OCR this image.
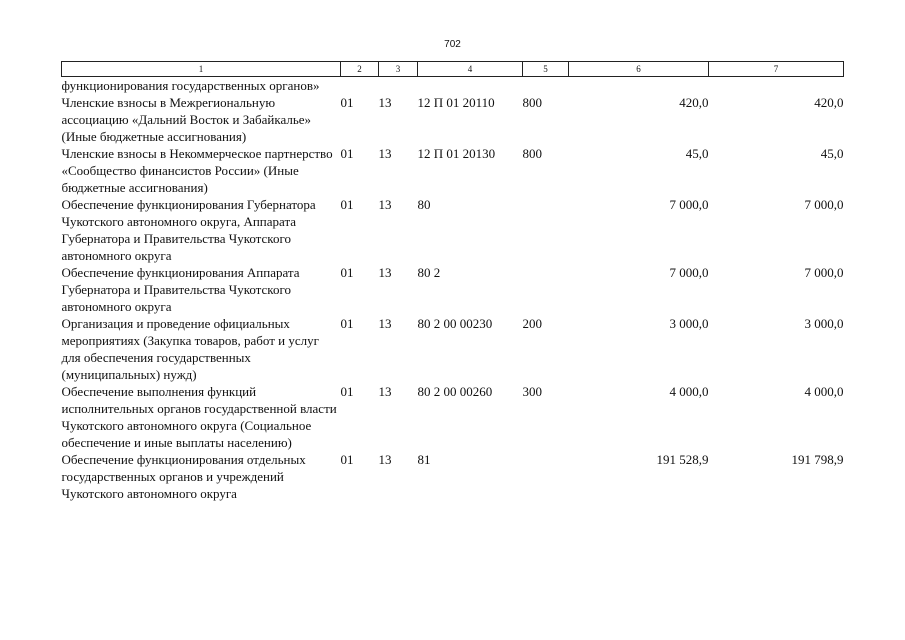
702
1	2	3	4	5	6	7
функционирования государственных органов»						
Членские взносы в Межрегиональную ассоциацию «Дальний Восток и Забайкалье» (Иные бюджетные ассигнования)	01	13	12 П 01 20110	800	420,0	420,0
Членские взносы в Некоммерческое партнерство «Сообщество финансистов России» (Иные бюджетные ассигнования)	01	13	12 П 01 20130	800	45,0	45,0
Обеспечение функционирования Губернатора Чукотского автономного округа, Аппарата Губернатора и Правительства Чукотского автономного округа	01	13	80		7 000,0	7 000,0
Обеспечение функционирования Аппарата Губернатора и Правительства Чукотского автономного округа	01	13	80 2		7 000,0	7 000,0
Организация и проведение официальных мероприятиях (Закупка товаров, работ и услуг для обеспечения государственных (муниципальных) нужд)	01	13	80 2 00 00230	200	3 000,0	3 000,0
Обеспечение выполнения функций исполнительных органов государственной власти Чукотского автономного округа (Социальное обеспечение и иные выплаты населению)	01	13	80 2 00 00260	300	4 000,0	4 000,0
Обеспечение функционирования отдельных государственных органов и учреждений Чукотского автономного округа	01	13	81		191 528,9	191 798,9
